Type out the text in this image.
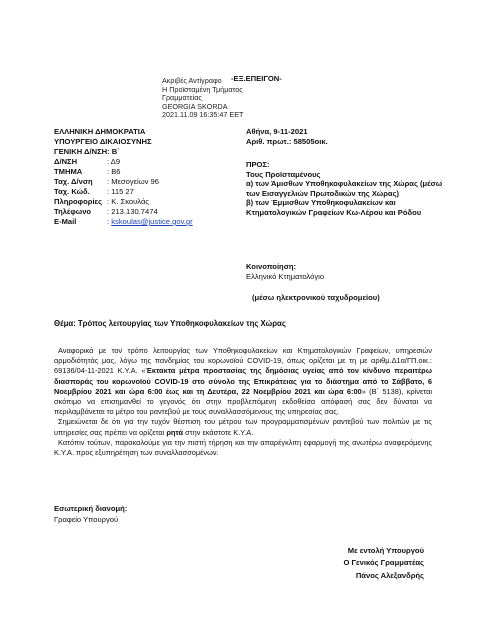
Ακριβές Αντίγραφο
Η Προϊσταμένη Τμήματος
Γραμματείας
GEORGIA SKORDA
2021.11.09 16:35:47 EET
-ΕΞ.ΕΠΕΙΓΟΝ-
ΕΛΛΗΝΙΚΗ ΔΗΜΟΚΡΑΤΙΑ
ΥΠΟΥΡΓΕΙΟ ΔΙΚΑΙΟΣΥΝΗΣ
ΓΕΝΙΚΗ Δ/ΝΣΗ: Β΄
Δ/ΝΣΗ	: Δ9
ΤΜΗΜΑ	: Β6
Ταχ. Δ/νση	: Μεσογείων 96
Ταχ. Κώδ.	: 115 27
Πληροφορίες : Κ. Σκουλάς
Τηλέφωνο	: 213.130.7474
E-Mail	: kskoulas@justice.gov.gr
Αθήνα, 9-11-2021
Αριθ. πρωτ.: 58505οικ.

ΠΡΟΣ:

Τους Προϊσταμένους

α) των Άμισθων Υποθηκοφυλακείων της Χώρας (μέσω των Εισαγγελιών Πρωτοδικών της Χώρας)

β) των Έμμισθων Υποθηκοφυλακείων και Κτηματολογικών Γραφείων Κω-Λέρου και Ρόδου

Κοινοποίηση:
Ελληνικό Κτηματολόγιο
(μέσω ηλεκτρονικού ταχυδρομείου)
Θέμα: Τρόπος λειτουργίας των Υποθηκοφυλακείων της Χώρας

Αναφορικά με τον τρόπο λειτουργίας των Υποθηκοφυλακείων και Κτηματολογικών Γραφείων, υπηρεσιών αρμοδιότητάς μας, λόγω της πανδημίας του κορωνοϊού COVID-19, όπως ορίζεται με τη με αριθμ.Δ1α/ΓΠ.οικ.: 69136/04-11-2021 Κ.Υ.Α. «Έκτακτα μέτρα προστασίας της δημόσιας υγείας από τον κίνδυνο περαιτέρω διασποράς του κορωνοϊού COVID-19 στο σύνολο της Επικράτειας για το διάστημα από το Σάββατο, 6 Νοεμβρίου 2021 και ώρα 6:00 έως και τη Δευτέρα, 22 Νοεμβρίου 2021 και ώρα 6:00» (Β΄ 5138), κρίνεται σκόπιμο να επισημανθεί το γεγονός ότι στην προβλεπόμενη εκδοθείσα απόφασή σας δεν δύναται να περιλαμβάνεται το μέτρο του ραντεβού με τους συναλλασσόμενους της υπηρεσίας σας.

Σημειώνεται δε ότι για την τυχόν θέσπιση του μέτρου των προγραμματισμένων ραντεβού των πολιτών με τις υπηρεσίες σας πρέπει να ορίζεται ρητά στην εκάστοτε Κ.Υ.Α.

Κατόπιν τούτων, παρακαλούμε για την πιστή τήρηση και την απαρέγκλιτη εφαρμογή της ανωτέρω αναφερόμενης Κ.Υ.Α. προς εξυπηρέτηση των συναλλασσομένων.

Εσωτερική διανομή:
Γραφείο Υπουργού
Με εντολή Υπουργού
Ο Γενικός Γραμματέας
Πάνος Αλεξανδρής
